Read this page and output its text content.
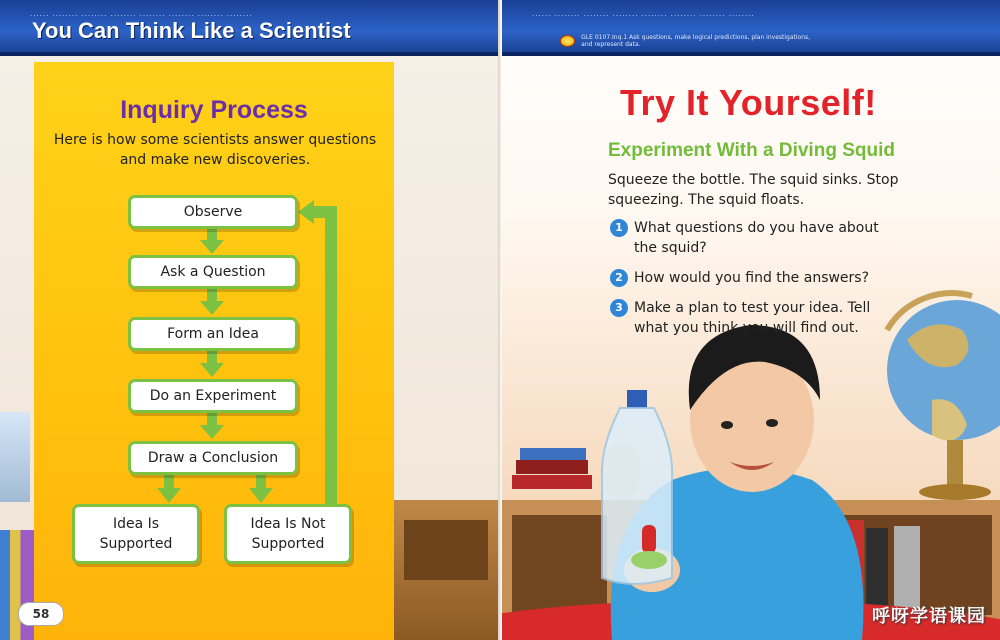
...... ........ ........ ........ ........ ........ ........ ........
You Can Think Like a Scientist
Inquiry Process
Here is how some scientists answer questions and make new discoveries.
Observe
Ask a Question
Form an Idea
Do an Experiment
Draw a Conclusion
Idea Is Supported
Idea Is Not Supported
58
...... ........ ........ ........ ........ ........ ........ ........
GLE 0107.Inq.1 Ask questions, make logical predictions, plan investigations, and represent data.
Try It Yourself!
Experiment With a Diving Squid
Squeeze the bottle. The squid sinks. Stop squeezing. The squid floats.
1 What questions do you have about the squid?
2 How would you find the answers?
3 Make a plan to test your idea. Tell what you think you will find out.
呼呀学语课园
